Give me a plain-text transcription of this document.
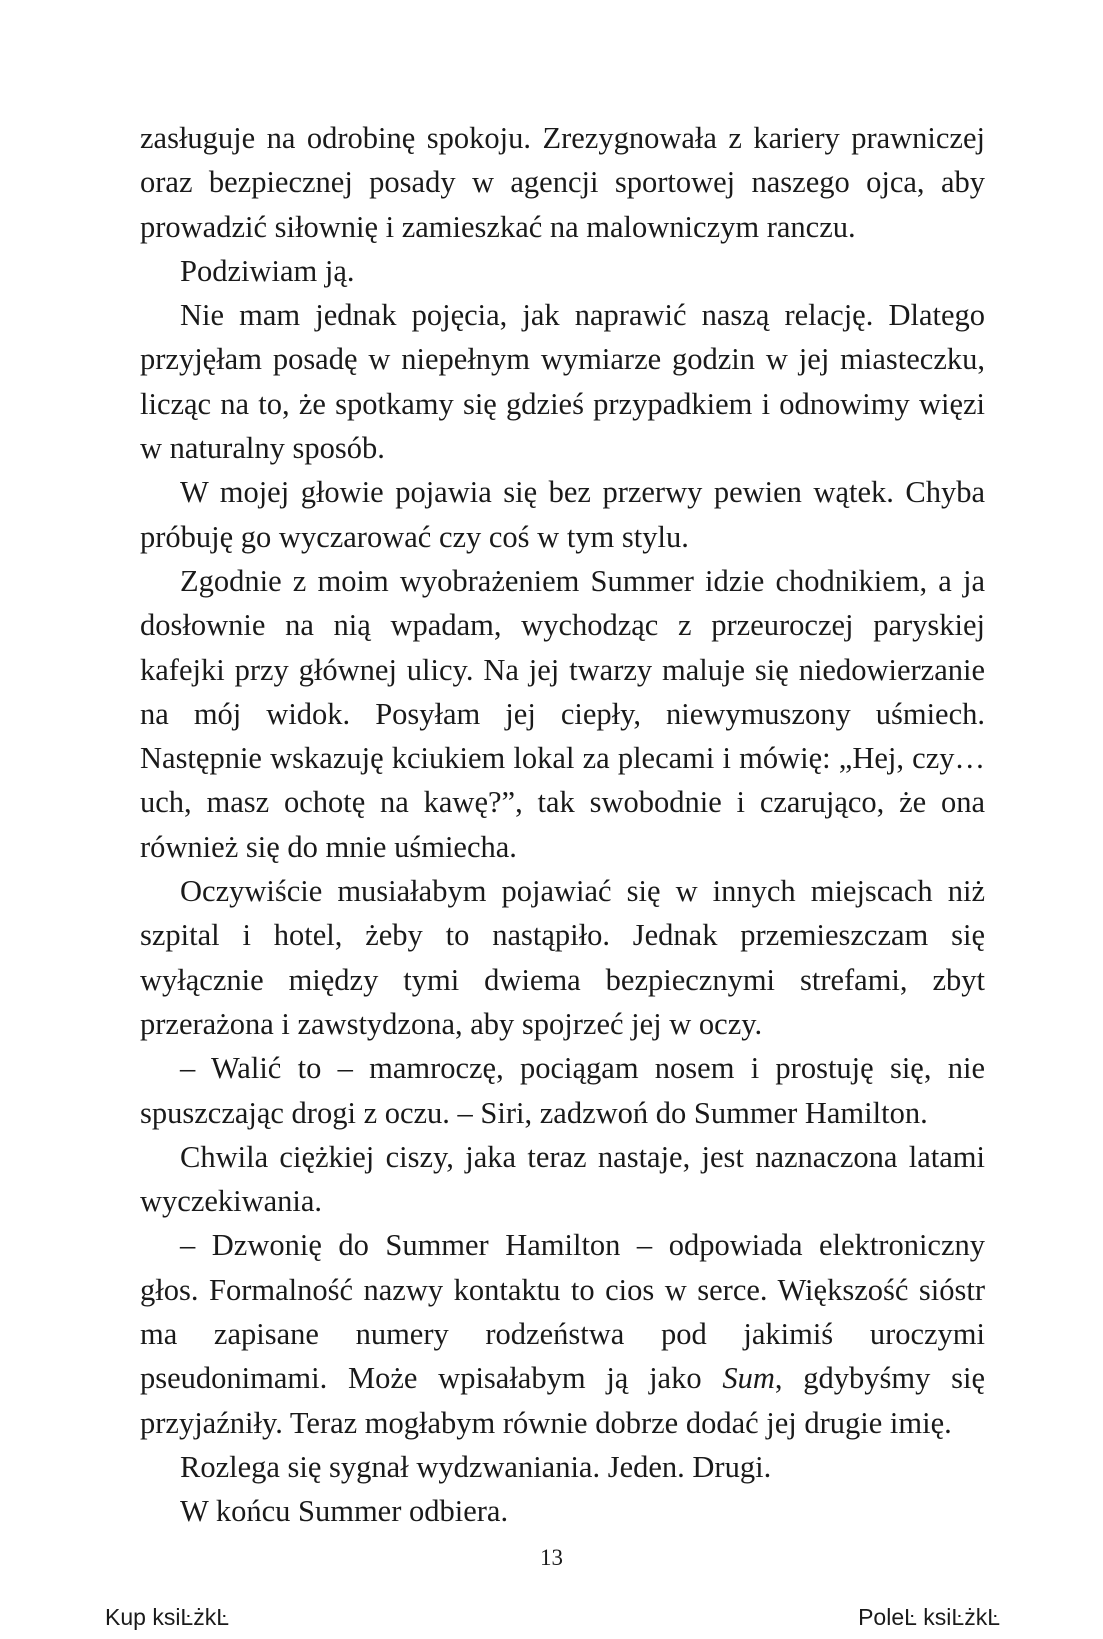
zasługuje na odrobinę spokoju. Zrezygnowała z kariery prawniczej oraz bezpiecznej posady w agencji sportowej naszego ojca, aby prowadzić siłownię i zamieszkać na malowniczym ranczu.

Podziwiam ją.

Nie mam jednak pojęcia, jak naprawić naszą relację. Dlatego przyjęłam posadę w niepełnym wymiarze godzin w jej miasteczku, licząc na to, że spotkamy się gdzieś przypadkiem i odnowimy więzi w naturalny sposób.

W mojej głowie pojawia się bez przerwy pewien wątek. Chyba próbuję go wyczarować czy coś w tym stylu.

Zgodnie z moim wyobrażeniem Summer idzie chodnikiem, a ja dosłownie na nią wpadam, wychodząc z przeuroczej paryskiej kafejki przy głównej ulicy. Na jej twarzy maluje się niedowierzanie na mój widok. Posyłam jej ciepły, niewymuszony uśmiech. Następnie wskazuję kciukiem lokal za plecami i mówię: „Hej, czy… uch, masz ochotę na kawę?”, tak swobodnie i czarująco, że ona również się do mnie uśmiecha.

Oczywiście musiałabym pojawiać się w innych miejscach niż szpital i hotel, żeby to nastąpiło. Jednak przemieszczam się wyłącznie między tymi dwiema bezpiecznymi strefami, zbyt przerażona i zawstydzona, aby spojrzeć jej w oczy.

– Walić to – mamroczę, pociągam nosem i prostuję się, nie spuszczając drogi z oczu. – Siri, zadzwoń do Summer Hamilton.

Chwila ciężkiej ciszy, jaka teraz nastaje, jest naznaczona latami wyczekiwania.

– Dzwonię do Summer Hamilton – odpowiada elektroniczny głos. Formalność nazwy kontaktu to cios w serce. Większość sióstr ma zapisane numery rodzeństwa pod jakimiś uroczymi pseudonimami. Może wpisałabym ją jako Sum, gdybyśmy się przyjaźniły. Teraz mogłabym równie dobrze dodać jej drugie imię.

Rozlega się sygnał wydzwaniania. Jeden. Drugi.

W końcu Summer odbiera.

13
Kup ksiĿżkĿ	PoleĿ ksiĿżkĿ
